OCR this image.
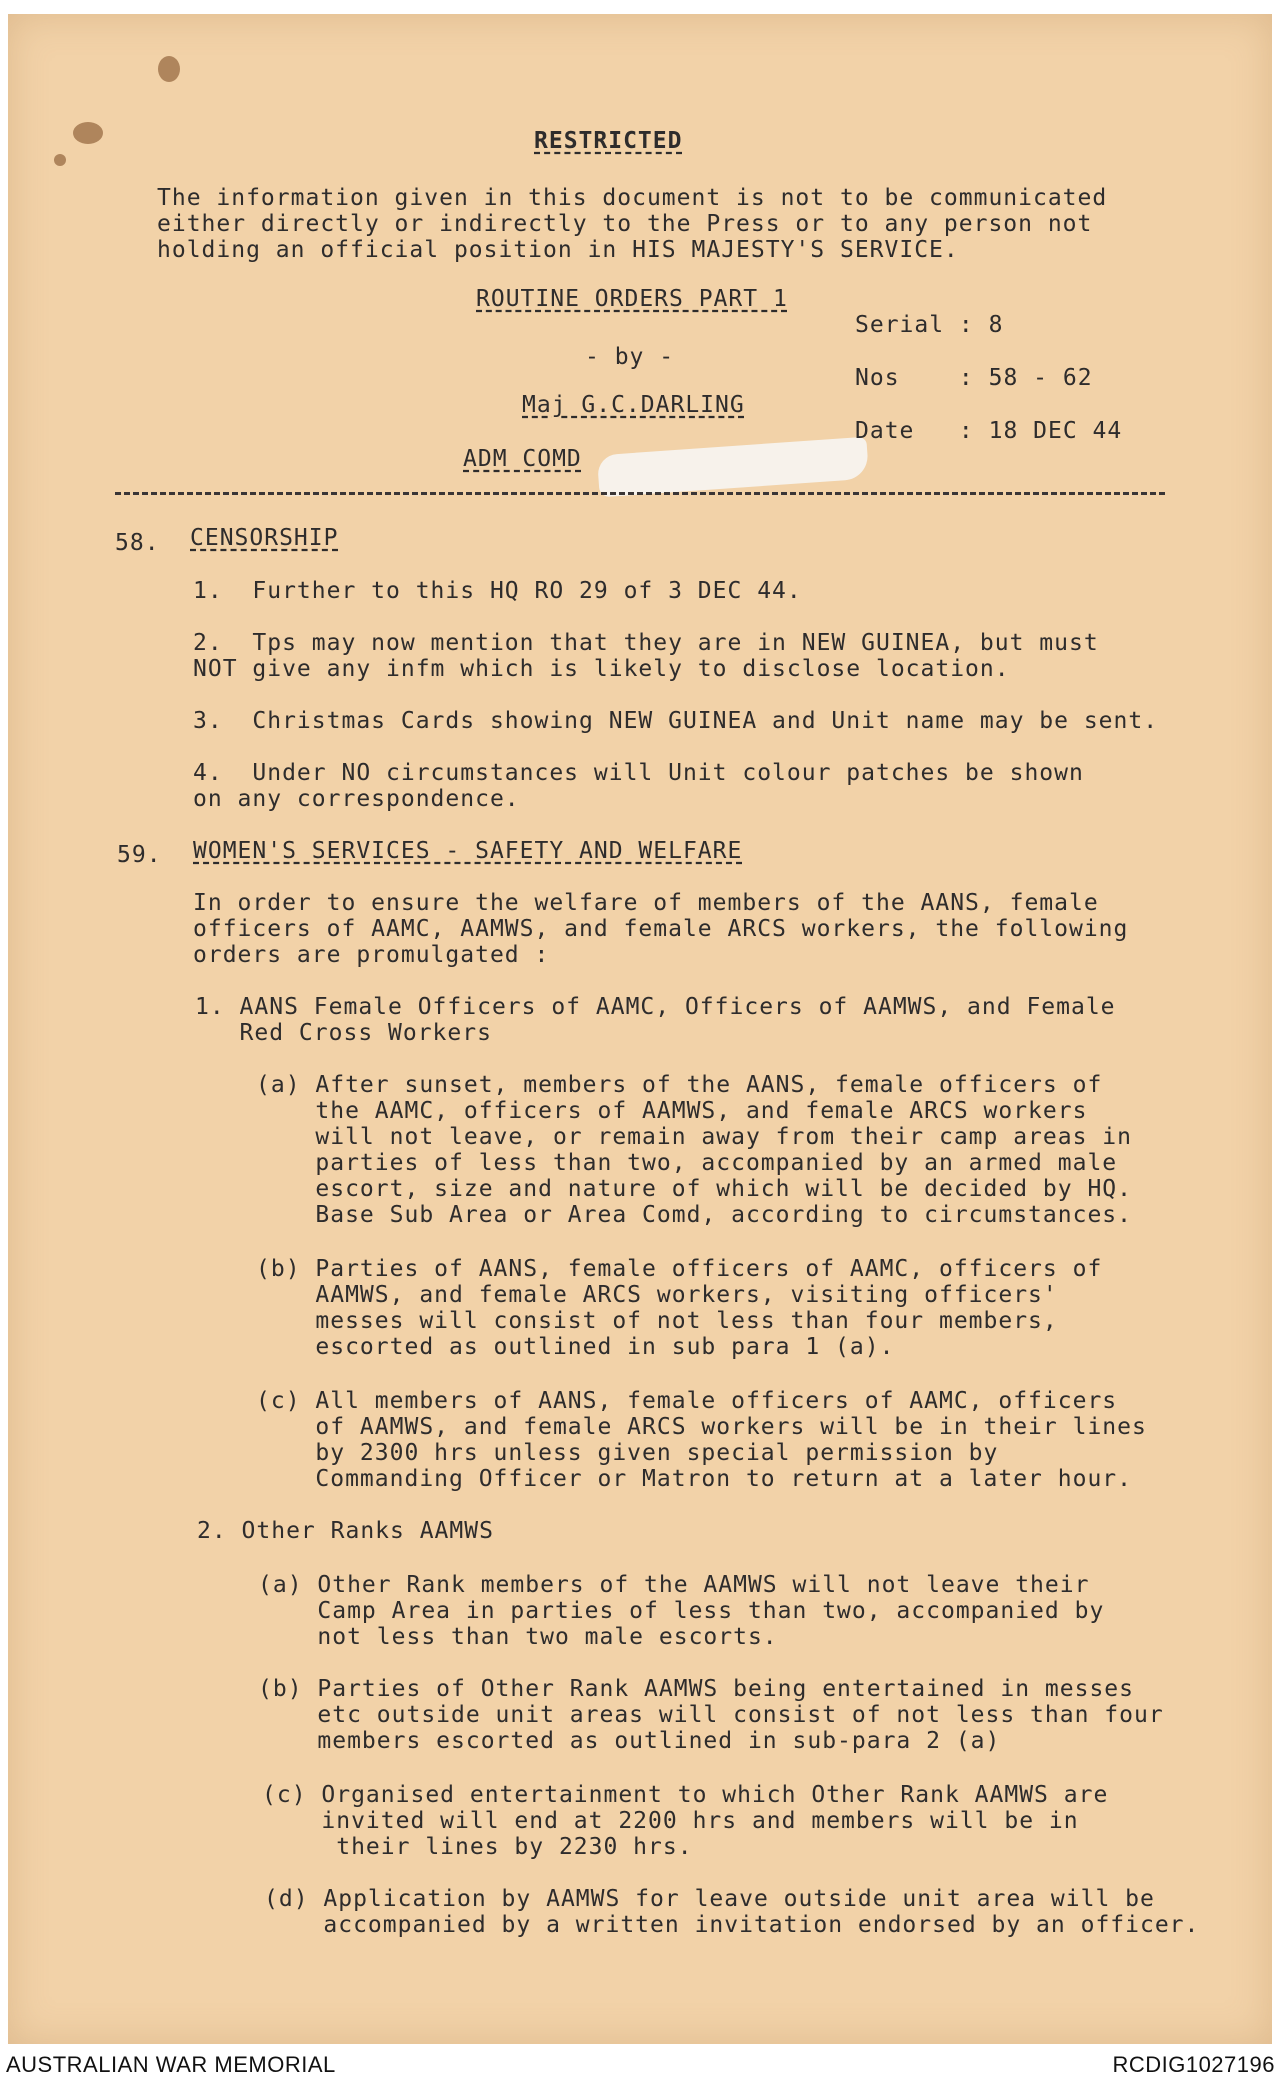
RESTRICTED
The information given in this document is not to be communicated
either directly or indirectly to the Press or to any person not
holding an official position in HIS MAJESTY'S SERVICE.
ROUTINE ORDERS PART 1
- by -
Maj G.C.DARLING
ADM COMD
Serial : 8
Nos    : 58 - 62
Date   : 18 DEC 44
58. CENSORSHIP
1.  Further to this HQ RO 29 of 3 DEC 44.
2.  Tps may now mention that they are in NEW GUINEA, but must
NOT give any infm which is likely to disclose location.
3.  Christmas Cards showing NEW GUINEA and Unit name may be sent.
4.  Under NO circumstances will Unit colour patches be shown
on any correspondence.
59. WOMEN'S SERVICES - SAFETY AND WELFARE
In order to ensure the welfare of members of the AANS, female
officers of AAMC, AAMWS, and female ARCS workers, the following
orders are promulgated :
1. AANS Female Officers of AAMC, Officers of AAMWS, and Female
Red Cross Workers
(a) After sunset, members of the AANS, female officers of
the AAMC, officers of AAMWS, and female ARCS workers
will not leave, or remain away from their camp areas in
parties of less than two, accompanied by an armed male
escort, size and nature of which will be decided by HQ.
Base Sub Area or Area Comd, according to circumstances.
(b) Parties of AANS, female officers of AAMC, officers of
AAMWS, and female ARCS workers, visiting officers'
messes will consist of not less than four members,
escorted as outlined in sub para 1 (a).
(c) All members of AANS, female officers of AAMC, officers
of AAMWS, and female ARCS workers will be in their lines
by 2300 hrs unless given special permission by
Commanding Officer or Matron to return at a later hour.
2. Other Ranks AAMWS
(a) Other Rank members of the AAMWS will not leave their
Camp Area in parties of less than two, accompanied by
not less than two male escorts.
(b) Parties of Other Rank AAMWS being entertained in messes
etc outside unit areas will consist of not less than four
members escorted as outlined in sub-para 2 (a)
(c) Organised entertainment to which Other Rank AAMWS are
invited will end at 2200 hrs and members will be in
their lines by 2230 hrs.
(d) Application by AAMWS for leave outside unit area will be
accompanied by a written invitation endorsed by an officer.
AUSTRALIAN WAR MEMORIAL	RCDIG1027196
